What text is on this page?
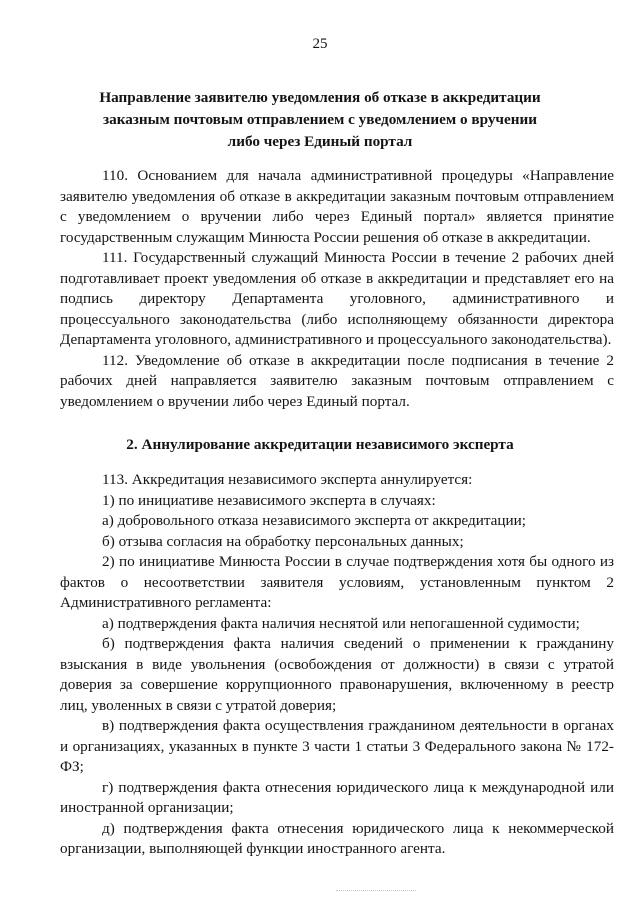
25
Направление заявителю уведомления об отказе в аккредитации
заказным почтовым отправлением с уведомлением о вручении
либо через Единый портал

110. Основанием для начала административной процедуры «Направление заявителю уведомления об отказе в аккредитации заказным почтовым отправлением с уведомлением о вручении либо через Единый портал» является принятие государственным служащим Минюста России решения об отказе в аккредитации.

111. Государственный служащий Минюста России в течение 2 рабочих дней подготавливает проект уведомления об отказе в аккредитации и представляет его на подпись директору Департамента уголовного, административного и процессуального законодательства (либо исполняющему обязанности директора Департамента уголовного, административного и процессуального законодательства).

112. Уведомление об отказе в аккредитации после подписания в течение 2 рабочих дней направляется заявителю заказным почтовым отправлением с уведомлением о вручении либо через Единый портал.

2. Аннулирование аккредитации независимого эксперта

113. Аккредитация независимого эксперта аннулируется:

1) по инициативе независимого эксперта в случаях:

а) добровольного отказа независимого эксперта от аккредитации;

б) отзыва согласия на обработку персональных данных;

2) по инициативе Минюста России в случае подтверждения хотя бы одного из фактов о несоответствии заявителя условиям, установленным пунктом 2 Административного регламента:

а) подтверждения факта наличия неснятой или непогашенной судимости;

б) подтверждения факта наличия сведений о применении к гражданину взыскания в виде увольнения (освобождения от должности) в связи с утратой доверия за совершение коррупционного правонарушения, включенному в реестр лиц, уволенных в связи с утратой доверия;

в) подтверждения факта осуществления гражданином деятельности в органах и организациях, указанных в пункте 3 части 1 статьи 3 Федерального закона № 172-ФЗ;

г) подтверждения факта отнесения юридического лица к международной или иностранной организации;

д) подтверждения факта отнесения юридического лица к некоммерческой организации, выполняющей функции иностранного агента.
